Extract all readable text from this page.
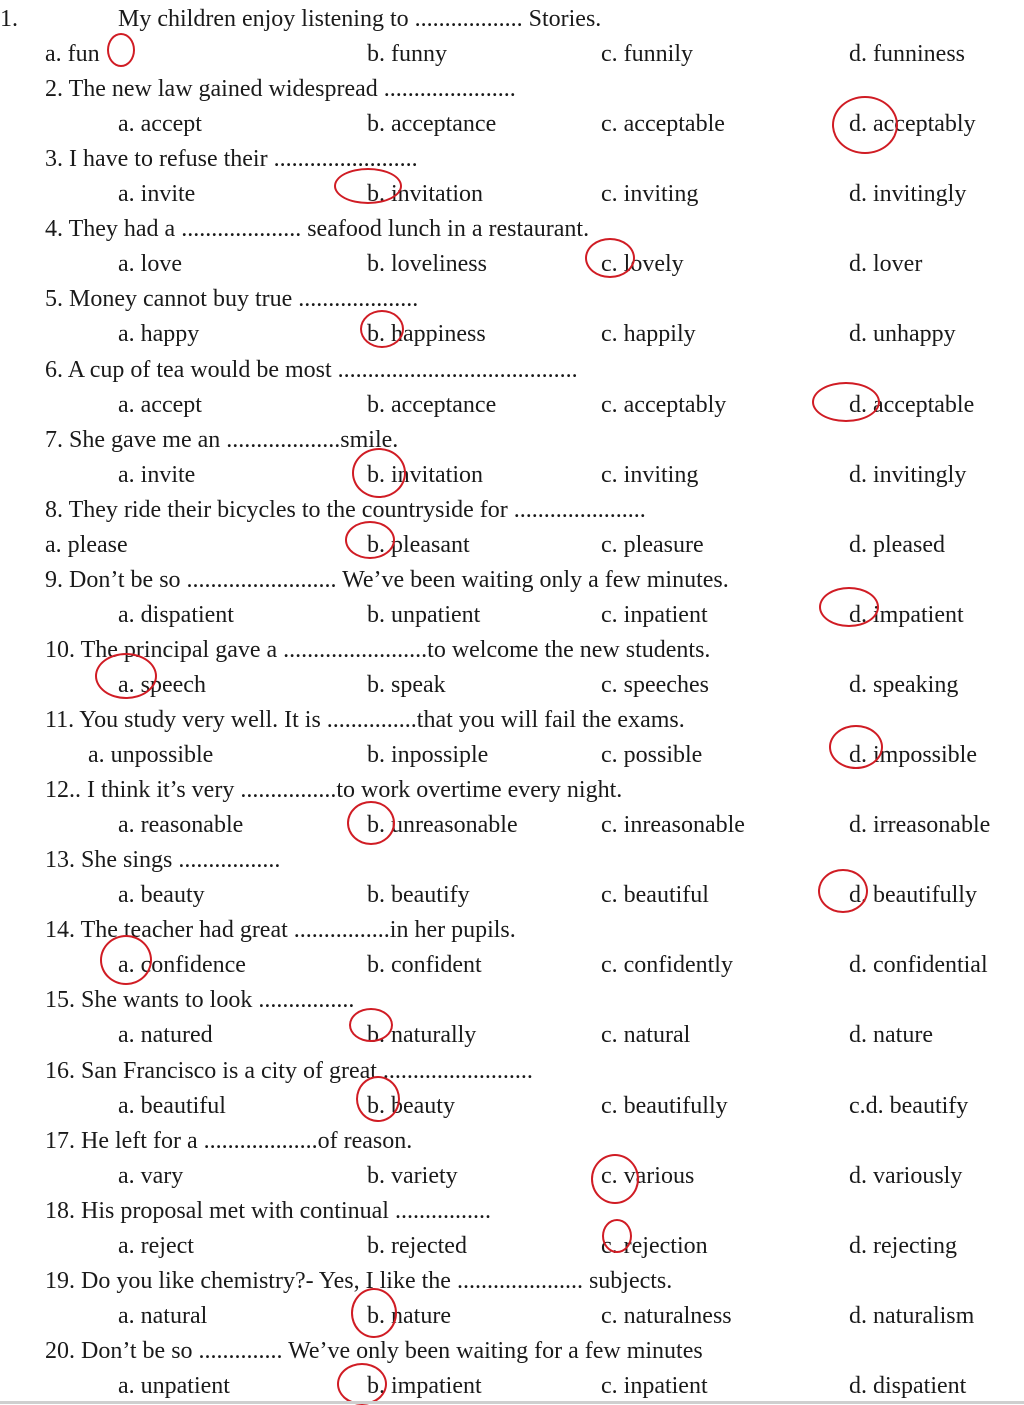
1.	My children enjoy listening to .................. Stories.
a. fun	b. funny	c. funnily	d. funniness
2. The new law gained widespread ......................
a. accept	b. acceptance	c. acceptable	d. acceptably
3. I have to refuse their ........................
a. invite	b. invitation	c. inviting	d. invitingly
4. They had a .................... seafood lunch in a restaurant.
a. love	b. loveliness	c. lovely	d. lover
5. Money cannot buy true ....................
a. happy	b. happiness	c. happily	d. unhappy
6. A cup of tea would be most ........................................
a. accept	b. acceptance	c. acceptably	d. acceptable
7. She gave me an ...................smile.
a. invite	b. invitation	c. inviting	d. invitingly
8. They ride their bicycles to the countryside for ......................
a. please	b. pleasant	c. pleasure	d. pleased
9. Don’t be so ......................... We’ve been waiting only a few minutes.
a. dispatient	b. unpatient	c. inpatient	d. impatient
10. The principal gave a ........................to welcome the new students.
a. speech	b. speak	c. speeches	d. speaking
11. You study very well. It is ...............that you will fail the exams.
a. unpossible	b. inpossiple	c. possible	d. impossible
12.. I think it’s very ................to work overtime every night.
a. reasonable	b. unreasonable	c. inreasonable	d. irreasonable
13. She sings .................
a. beauty	b. beautify	c. beautiful	d. beautifully
14. The teacher had great ................in her pupils.
a. confidence	b. confident	c. confidently	d. confidential
15. She wants to look ................
a. natured	b. naturally	c. natural	d. nature
16. San Francisco is a city of great .........................
a. beautiful	b. beauty	c. beautifully	c.d. beautify
17. He left for a ...................of reason.
a. vary	b. variety	c. various	d. variously
18. His proposal met with continual ................
a. reject	b. rejected	c. rejection	d. rejecting
19. Do you like chemistry?- Yes, I like the ..................... subjects.
a. natural	b. nature	c. naturalness	d. naturalism
20. Don’t be so .............. We’ve only been waiting for a few minutes
a. unpatient	b. impatient	c. inpatient	d. dispatient
